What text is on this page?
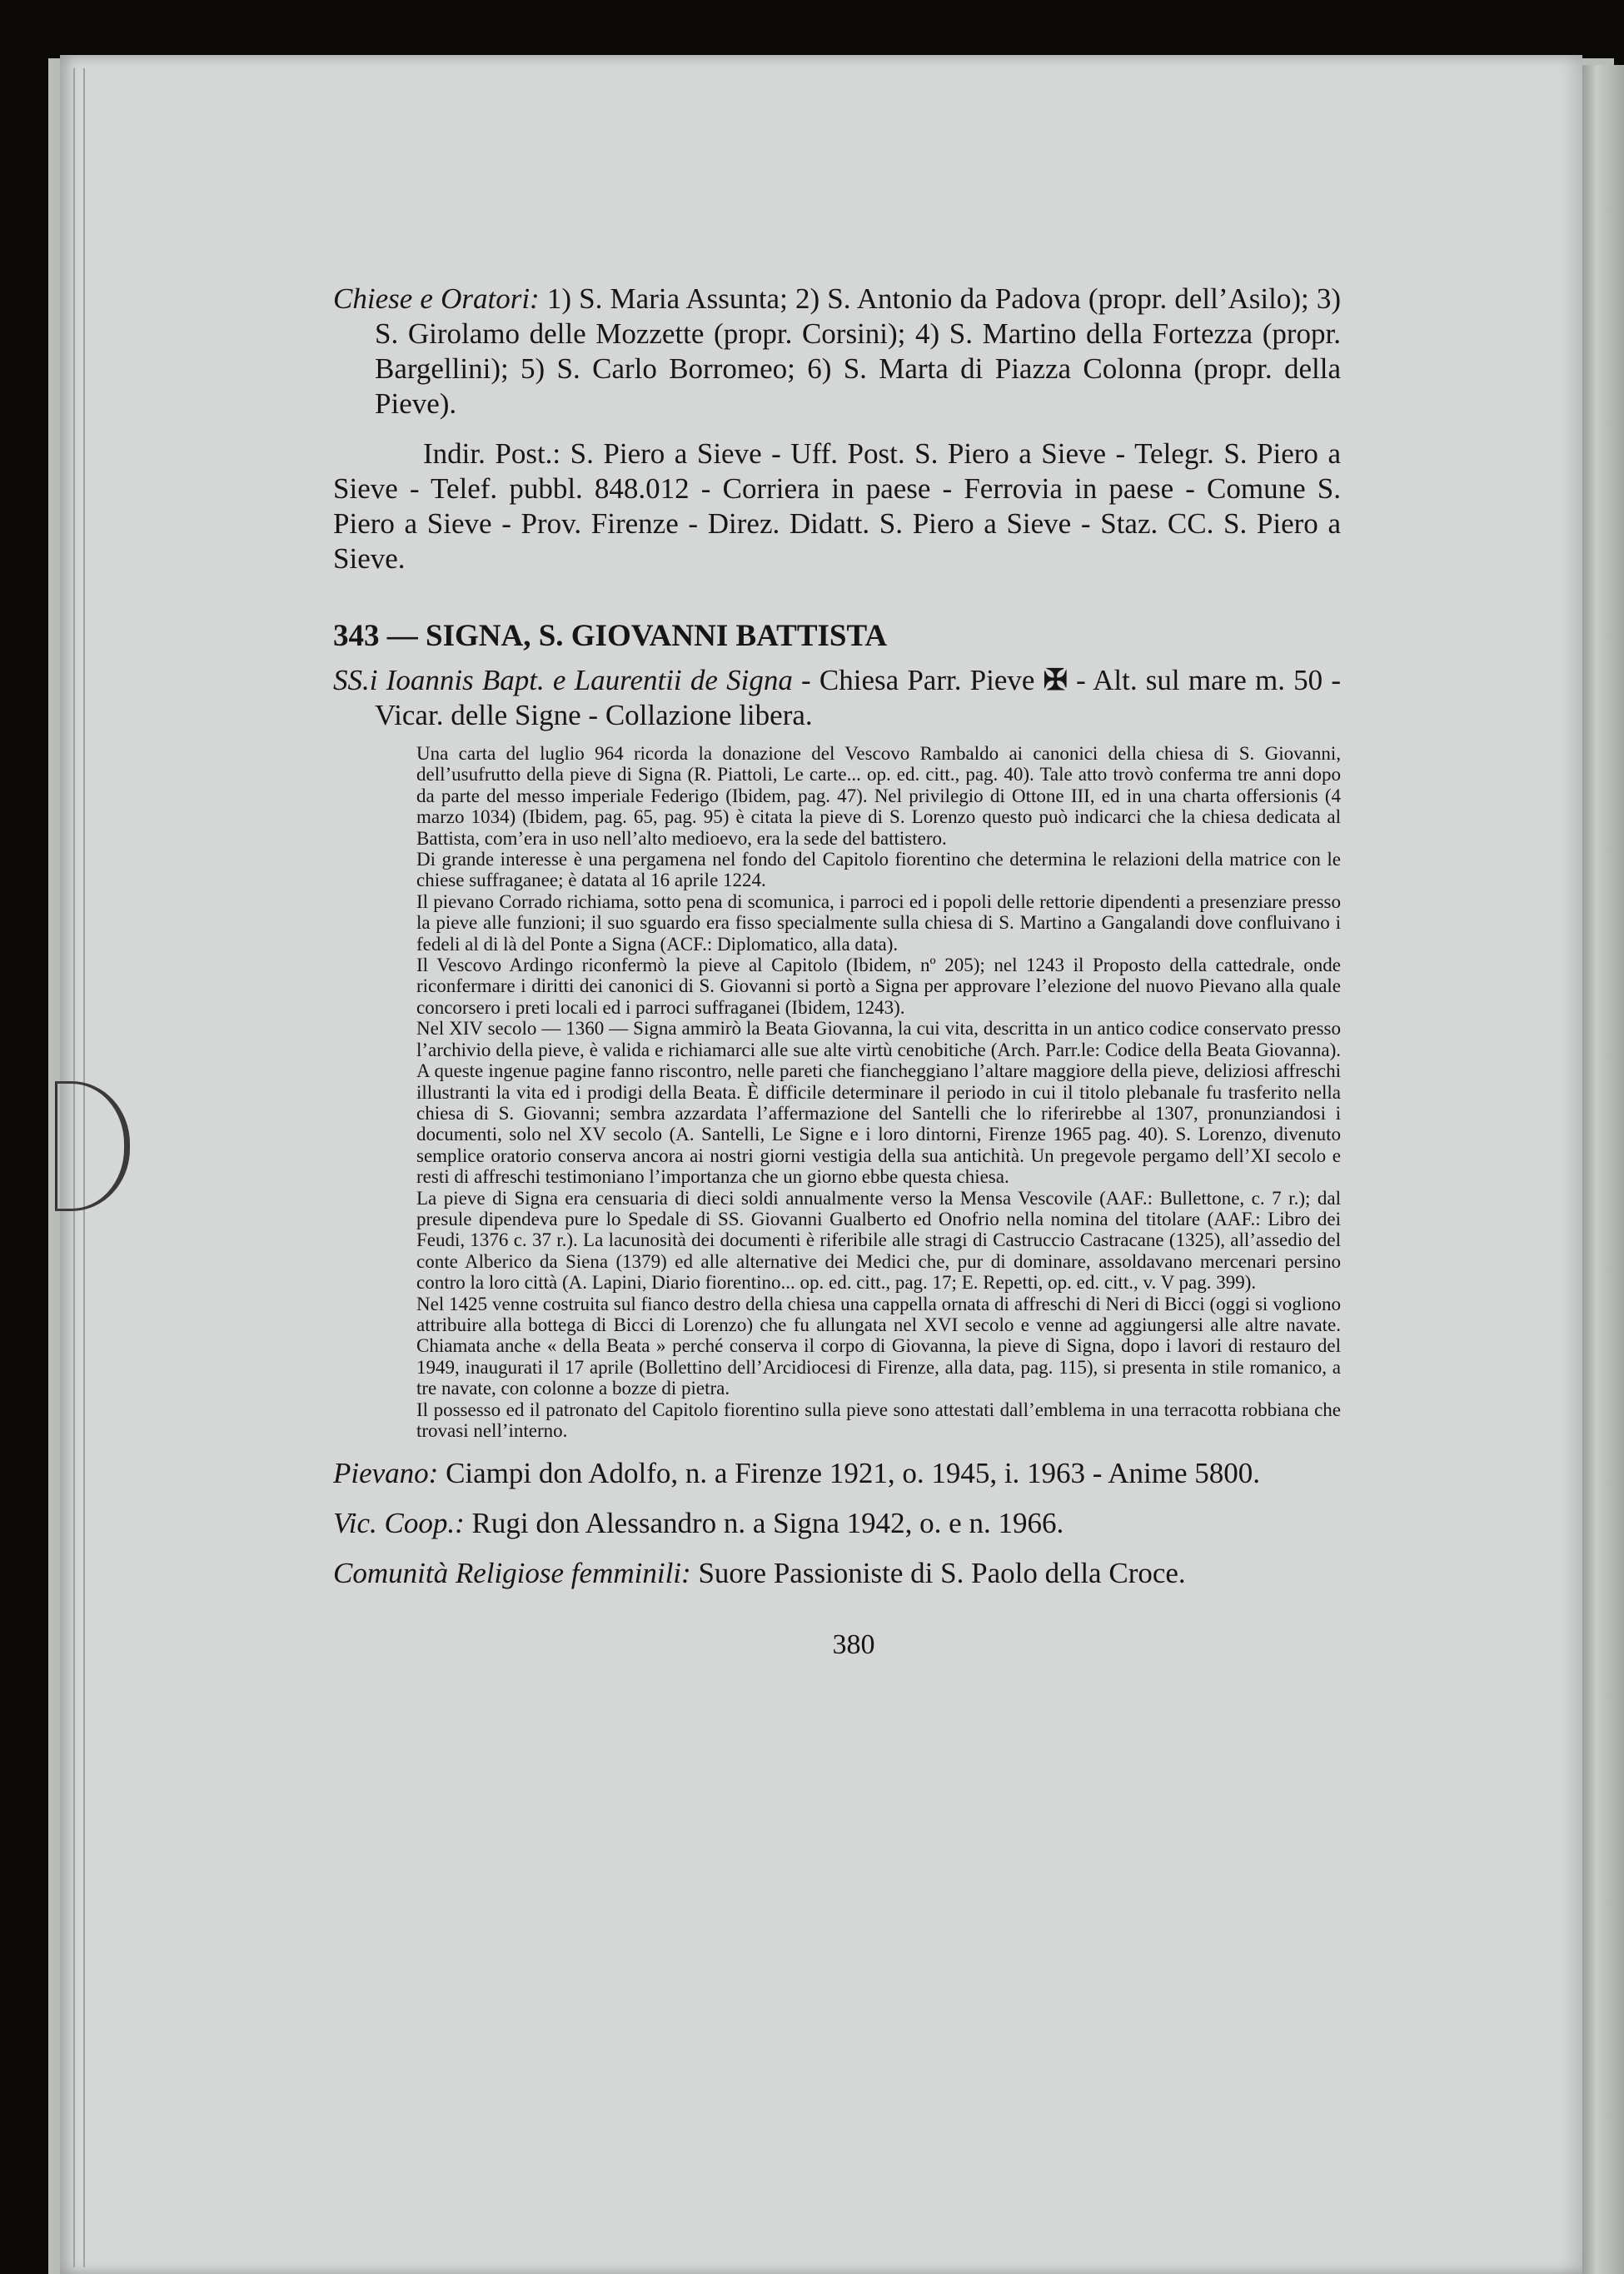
Chiese e Oratori: 1) S. Maria Assunta; 2) S. Antonio da Padova (propr. dell’Asilo); 3) S. Girolamo delle Mozzette (propr. Corsini); 4) S. Martino della Fortezza (propr. Bargellini); 5) S. Carlo Borromeo; 6) S. Marta di Piazza Colonna (propr. della Pieve).

Indir. Post.: S. Piero a Sieve - Uff. Post. S. Piero a Sieve - Telegr. S. Piero a Sieve - Telef. pubbl. 848.012 - Corriera in paese - Ferrovia in paese - Comune S. Piero a Sieve - Prov. Firenze - Direz. Didatt. S. Piero a Sieve - Staz. CC. S. Piero a Sieve.

343 — SIGNA, S. GIOVANNI BATTISTA

SS.i Ioannis Bapt. e Laurentii de Signa - Chiesa Parr. Pieve ✠ - Alt. sul mare m. 50 - Vicar. delle Signe - Collazione libera.

Una carta del luglio 964 ricorda la donazione del Vescovo Rambaldo ai canonici della chiesa di S. Giovanni, dell’usufrutto della pieve di Signa (R. Piattoli, Le carte... op. ed. citt., pag. 40). Tale atto trovò conferma tre anni dopo da parte del messo imperiale Federigo (Ibidem, pag. 47). Nel privilegio di Ottone III, ed in una charta offersionis (4 marzo 1034) (Ibidem, pag. 65, pag. 95) è citata la pieve di S. Lorenzo questo può indicarci che la chiesa dedicata al Battista, com’era in uso nell’alto medioevo, era la sede del battistero.

Di grande interesse è una pergamena nel fondo del Capitolo fiorentino che determina le relazioni della matrice con le chiese suffraganee; è datata al 16 aprile 1224.

Il pievano Corrado richiama, sotto pena di scomunica, i parroci ed i popoli delle rettorie dipendenti a presenziare presso la pieve alle funzioni; il suo sguardo era fisso specialmente sulla chiesa di S. Martino a Gangalandi dove confluivano i fedeli al di là del Ponte a Signa (ACF.: Diplomatico, alla data).

Il Vescovo Ardingo riconfermò la pieve al Capitolo (Ibidem, nº 205); nel 1243 il Proposto della cattedrale, onde riconfermare i diritti dei canonici di S. Giovanni si portò a Signa per approvare l’elezione del nuovo Pievano alla quale concorsero i preti locali ed i parroci suffraganei (Ibidem, 1243).

Nel XIV secolo — 1360 — Signa ammirò la Beata Giovanna, la cui vita, descritta in un antico codice conservato presso l’archivio della pieve, è valida e richiamarci alle sue alte virtù cenobitiche (Arch. Parr.le: Codice della Beata Giovanna). A queste ingenue pagine fanno riscontro, nelle pareti che fiancheggiano l’altare maggiore della pieve, deliziosi affreschi illustranti la vita ed i prodigi della Beata. È difficile determinare il periodo in cui il titolo plebanale fu trasferito nella chiesa di S. Giovanni; sembra azzardata l’affermazione del Santelli che lo riferirebbe al 1307, pronunziandosi i documenti, solo nel XV secolo (A. Santelli, Le Signe e i loro dintorni, Firenze 1965 pag. 40). S. Lorenzo, divenuto semplice oratorio conserva ancora ai nostri giorni vestigia della sua antichità. Un pregevole pergamo dell’XI secolo e resti di affreschi testimoniano l’importanza che un giorno ebbe questa chiesa.

La pieve di Signa era censuaria di dieci soldi annualmente verso la Mensa Vescovile (AAF.: Bullettone, c. 7 r.); dal presule dipendeva pure lo Spedale di SS. Giovanni Gualberto ed Onofrio nella nomina del titolare (AAF.: Libro dei Feudi, 1376 c. 37 r.). La lacunosità dei documenti è riferibile alle stragi di Castruccio Castracane (1325), all’assedio del conte Alberico da Siena (1379) ed alle alternative dei Medici che, pur di dominare, assoldavano mercenari persino contro la loro città (A. Lapini, Diario fiorentino... op. ed. citt., pag. 17; E. Repetti, op. ed. citt., v. V pag. 399).

Nel 1425 venne costruita sul fianco destro della chiesa una cappella ornata di affreschi di Neri di Bicci (oggi si vogliono attribuire alla bottega di Bicci di Lorenzo) che fu allungata nel XVI secolo e venne ad aggiungersi alle altre navate. Chiamata anche « della Beata » perché conserva il corpo di Giovanna, la pieve di Signa, dopo i lavori di restauro del 1949, inaugurati il 17 aprile (Bollettino dell’Arcidiocesi di Firenze, alla data, pag. 115), si presenta in stile romanico, a tre navate, con colonne a bozze di pietra.

Il possesso ed il patronato del Capitolo fiorentino sulla pieve sono attestati dall’emblema in una terracotta robbiana che trovasi nell’interno.

Pievano: Ciampi don Adolfo, n. a Firenze 1921, o. 1945, i. 1963 - Anime 5800.

Vic. Coop.: Rugi don Alessandro n. a Signa 1942, o. e n. 1966.

Comunità Religiose femminili: Suore Passioniste di S. Paolo della Croce.

380
